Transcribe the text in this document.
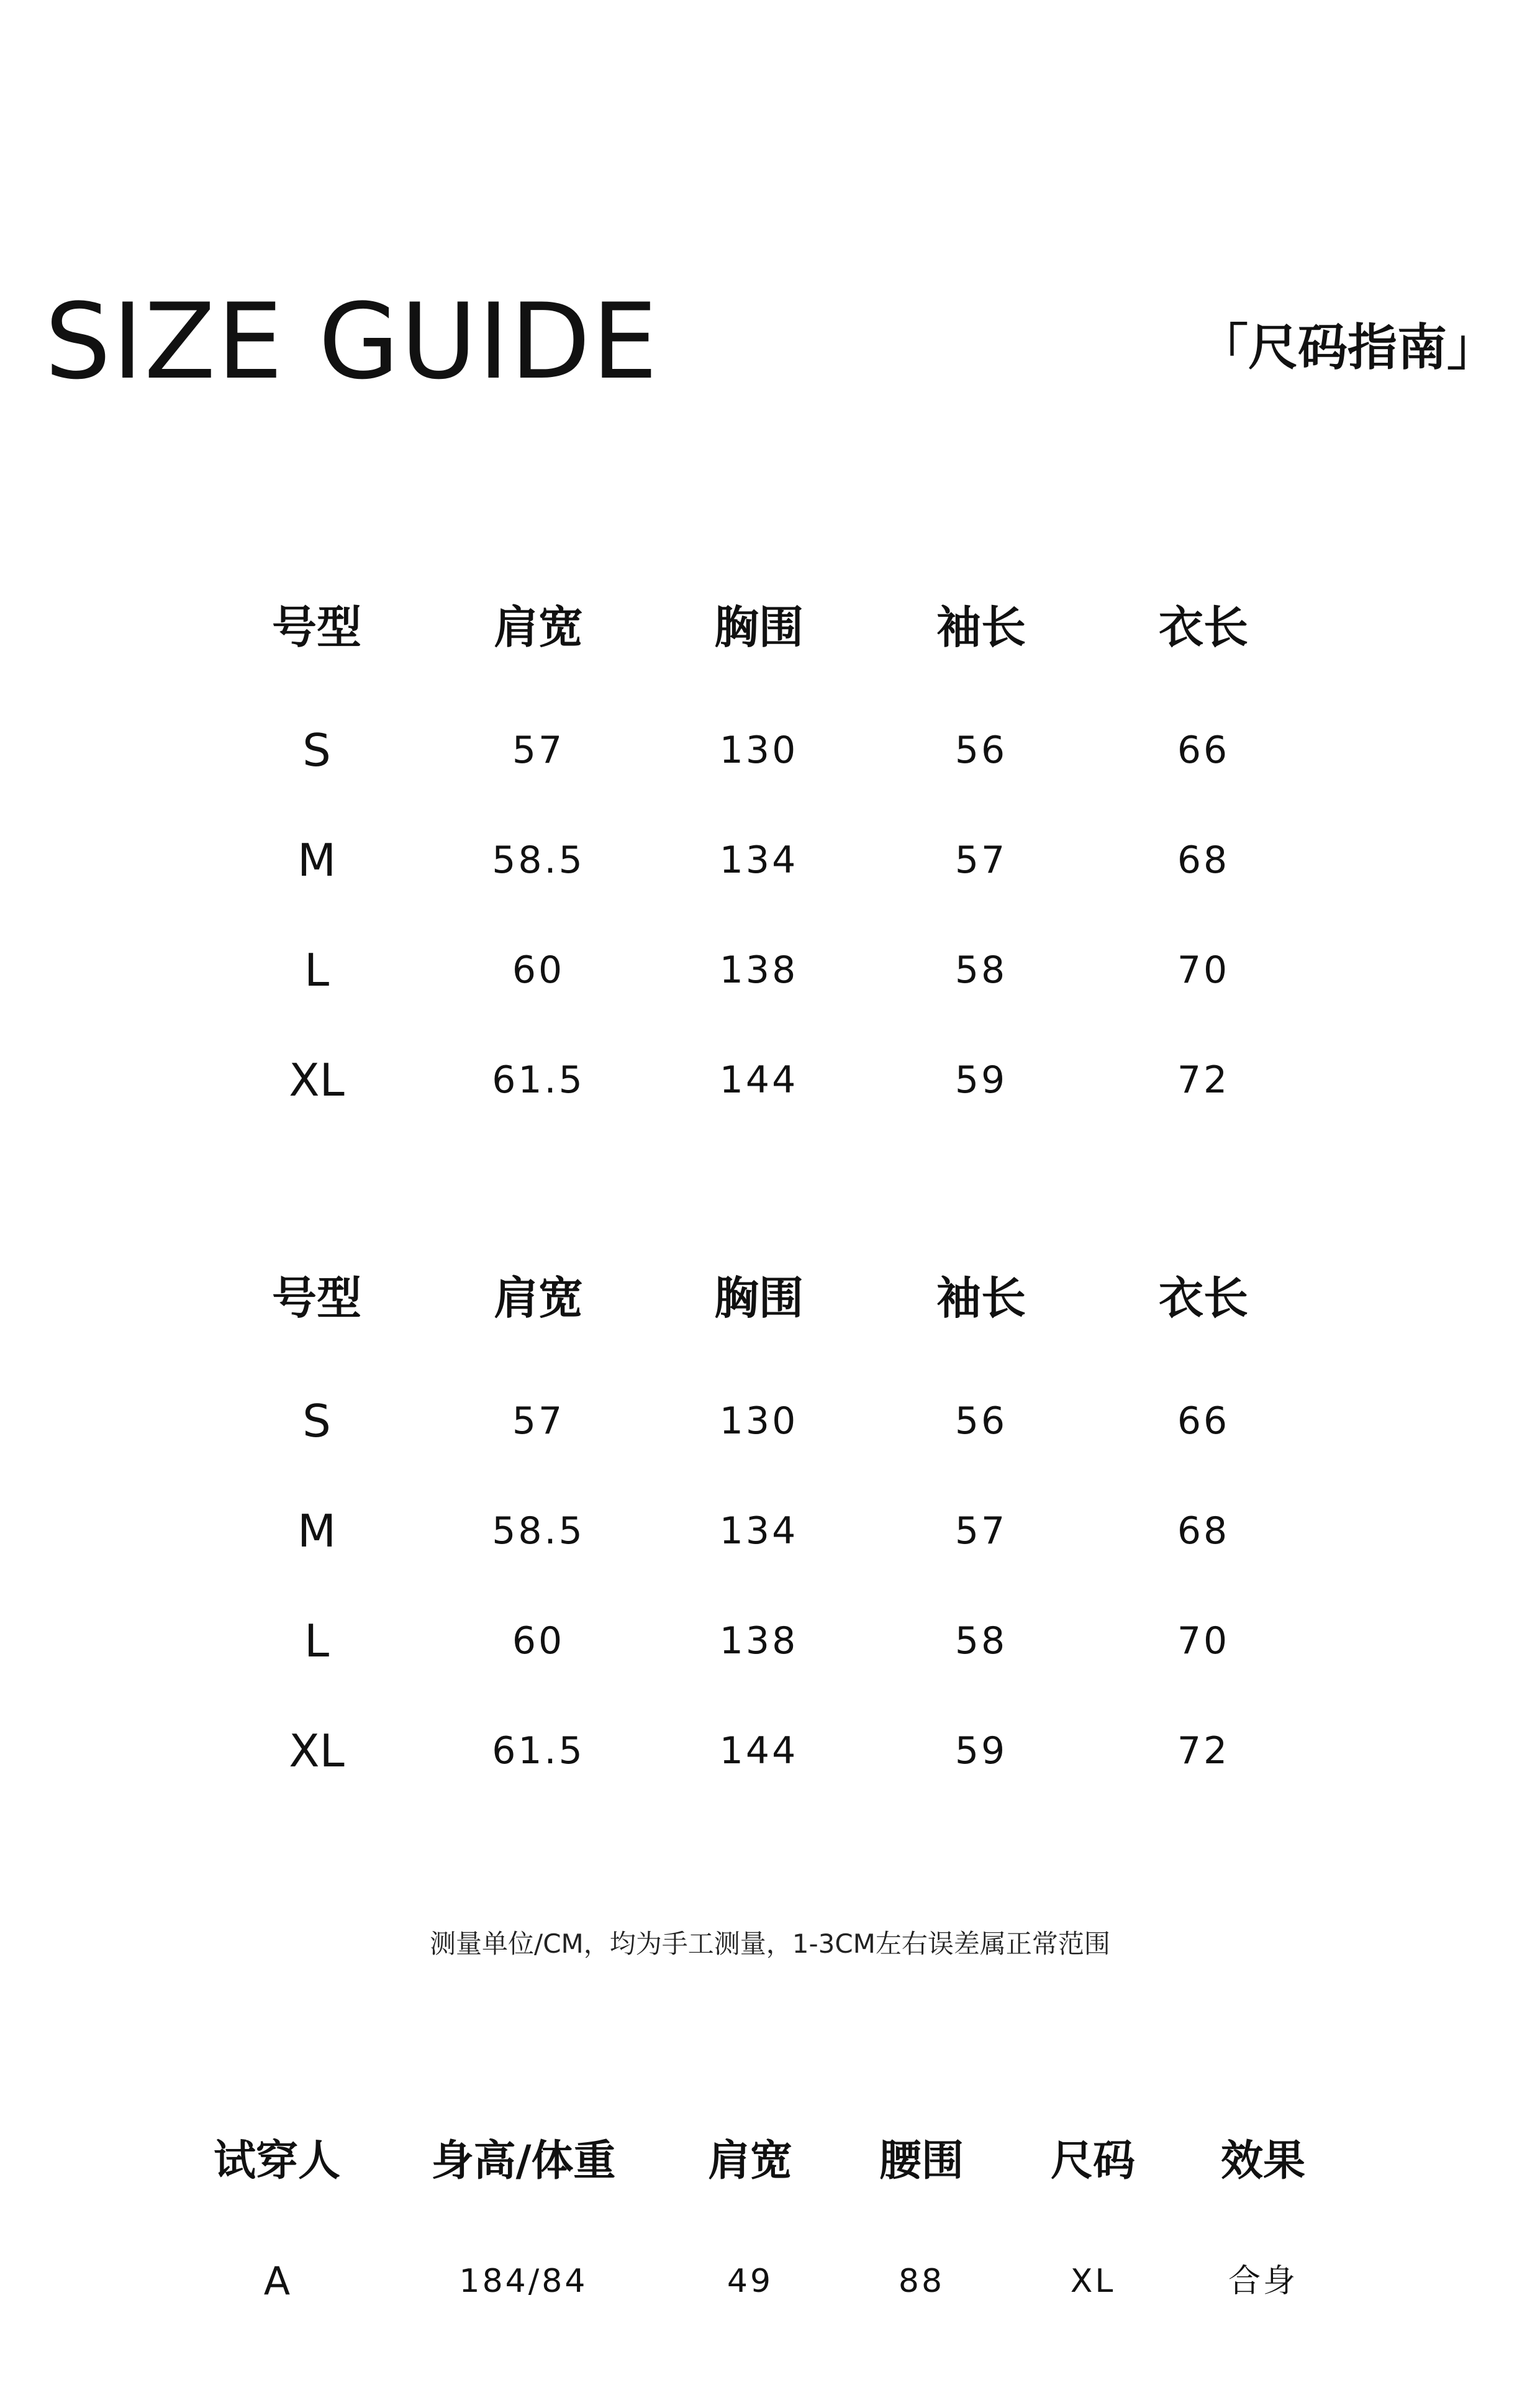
SIZE GUIDE	「尺码指南」
号型	肩宽	胸围	袖长	衣长
S	57	130	56	66
M	58.5	134	57	68
L	60	138	58	70
XL	61.5	144	59	72
号型	肩宽	胸围	袖长	衣长
S	57	130	56	66
M	58.5	134	57	68
L	60	138	58	70
XL	61.5	144	59	72
测量单位/CM，均为手工测量，1-3CM左右误差属正常范围
试穿人	身高/体重	肩宽	腰围	尺码	效果
A	184/84	49	88	XL	合身
